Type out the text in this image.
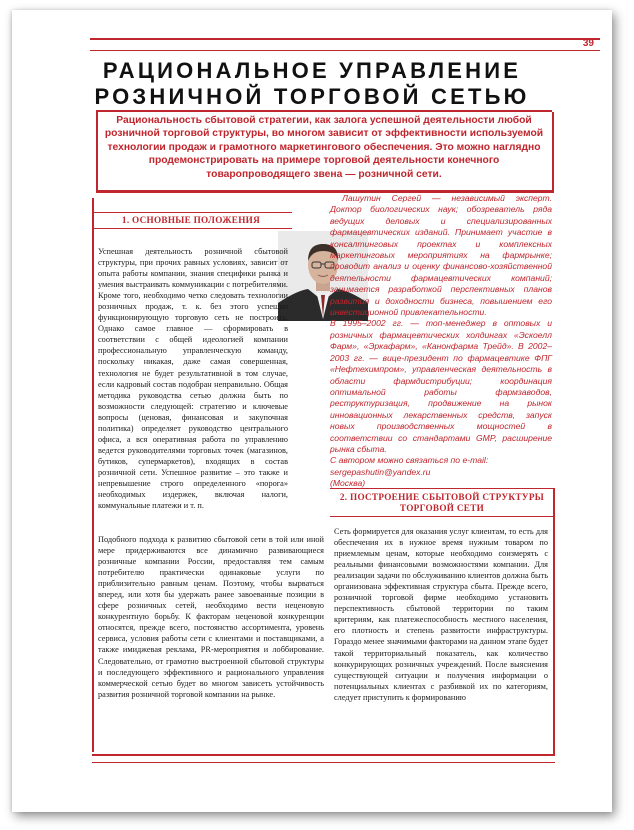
39
РАЦИОНАЛЬНОЕ УПРАВЛЕНИЕ
РОЗНИЧНОЙ ТОРГОВОЙ СЕТЬЮ
Рациональность сбытовой стратегии, как залога успешной деятельности любой розничной торговой структуры, во многом зависит от эффективности используемой технологии продаж и грамотного маркетингового обеспечения. Это можно наглядно продемонстрировать на примере торговой деятельности конечного товаропроводящего звена — розничной сети.
1. ОСНОВНЫЕ ПОЛОЖЕНИЯ
Лашутин Сергей — независимый эксперт. Доктор биологических наук; обозреватель ряда ведущих деловых и специализированных фармацевтических изданий. Принимает участие в консалтинговых проектах и комплексных маркетинговых мероприятиях на фармрынке; проводит анализ и оценку финансово-хозяйственной деятельности фармацевтических компаний; занимается разработкой перспективных планов развития и доходности бизнеса, повышением его инвестиционной привлекательности.
В 1995–2002 гг. — топ-менеджер в оптовых и розничных фармацевтических холдингах «Эскоелл Фарм», «Эркафарм», «Канонфарма Трейд». В 2002–2003 гг. — вице-президент по фармацевтике ФПГ «Нефтехимпром», управленческая деятельность в области фармдистрибуции; координация оптимальной работы фармзаводов, реструктуризация, продвижение на рынок инновационных лекарственных средств, запуск новых производственных мощностей в соответствии со стандартами GMP, расширение рынка сбыта.
С автором можно связаться по e-mail:
sergepashutin@yandex.ru
(Москва)

Успешная деятельность розничной сбытовой структуры, при прочих равных условиях, зависит от опыта работы компании, знания специфики рынка и умения выстраивать коммуникации с потребителями. Кроме того, необходимо четко следовать технологии розничных продаж, т. к. без этого успешно функционирующую торговую сеть не построить. Однако самое главное — сформировать в соответствии с общей идеологией компании профессиональную управленческую команду, поскольку никакая, даже самая совершенная, технология не будет результативной в том случае, если кадровый состав подобран неправильно. Общая методика руководства сетью должна быть по возможности следующей: стратегию и ключевые вопросы (ценовая, финансовая и закупочная политика) определяет руководство центрального офиса, а вся оперативная работа по управлению ведется руководителями торговых точек (магазинов, бутиков, супермаркетов), входящих в состав розничной сети. Успешное развитие – это также и непревышение строго определенного «порога» необходимых издержек, включая налоги, коммунальные платежи и т. п.

Подобного подхода к развитию сбытовой сети в той или иной мере придерживаются все динамично развивающиеся розничные компании России, предоставляя тем самым потребителю практически одинаковые услуги по приблизительно равным ценам. Поэтому, чтобы вырваться вперед, или хотя бы удержать ранее завоеванные позиции в сфере розничных сетей, необходимо вести неценовую конкурентную борьбу. К факторам неценовой конкуренции относятся, прежде всего, постоянство ассортимента, уровень сервиса, условия работы сети с клиентами и поставщиками, а также имиджевая реклама, PR-мероприятия и лоббирование. Следовательно, от грамотно выстроенной сбытовой структуры и последующего эффективного и рационального управления коммерческой сетью будет во многом зависеть устойчивость развития розничной торговой компании на рынке.

2. ПОСТРОЕНИЕ СБЫТОВОЙ СТРУКТУРЫ ТОРГОВОЙ СЕТИ

Сеть формируется для оказания услуг клиентам, то есть для обеспечения их в нужное время нужным товаром по приемлемым ценам, которые необходимо соизмерять с реальными финансовыми возможностями компании. Для реализации задачи по обслуживанию клиентов должна быть организована эффективная структура сбыта. Прежде всего, розничной торговой фирме необходимо установить перспективность сбытовой территории по таким критериям, как платежеспособность местного населения, его плотность и степень развитости инфраструктуры. Гораздо менее значимыми факторами на данном этапе будет такой территориальный показатель, как количество конкурирующих розничных учреждений. После выяснения существующей ситуации и получения информации о потенциальных клиентах с разбивкой их по категориям, следует приступить к формированию
